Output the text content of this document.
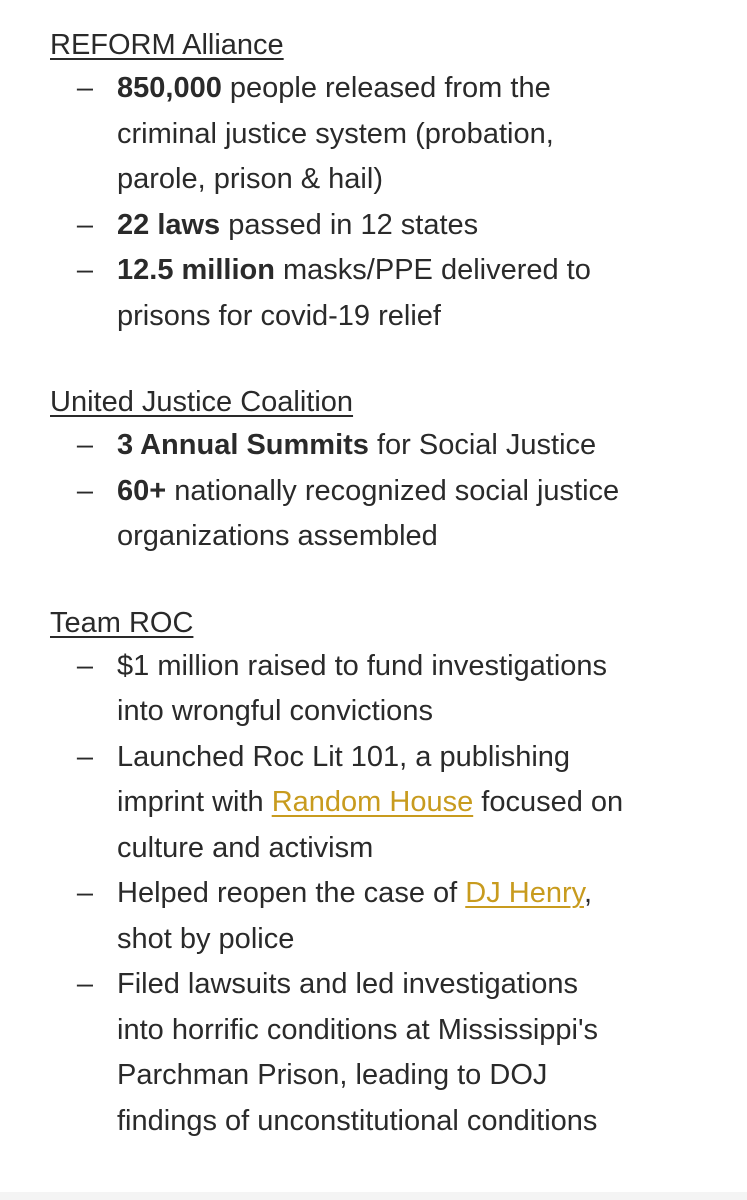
REFORM Alliance
– 850,000 people released from the
criminal justice system (probation,
parole, prison & hail)
– 22 laws passed in 12 states
– 12.5 million masks/PPE delivered to
prisons for covid-19 relief
United Justice Coalition
– 3 Annual Summits for Social Justice
– 60+ nationally recognized social justice
organizations assembled
Team ROC
– $1 million raised to fund investigations
into wrongful convictions
– Launched Roc Lit 101, a publishing
imprint with Random House focused on
culture and activism
– Helped reopen the case of DJ Henry,
shot by police
– Filed lawsuits and led investigations
into horrific conditions at Mississippi's
Parchman Prison, leading to DOJ
findings of unconstitutional conditions
